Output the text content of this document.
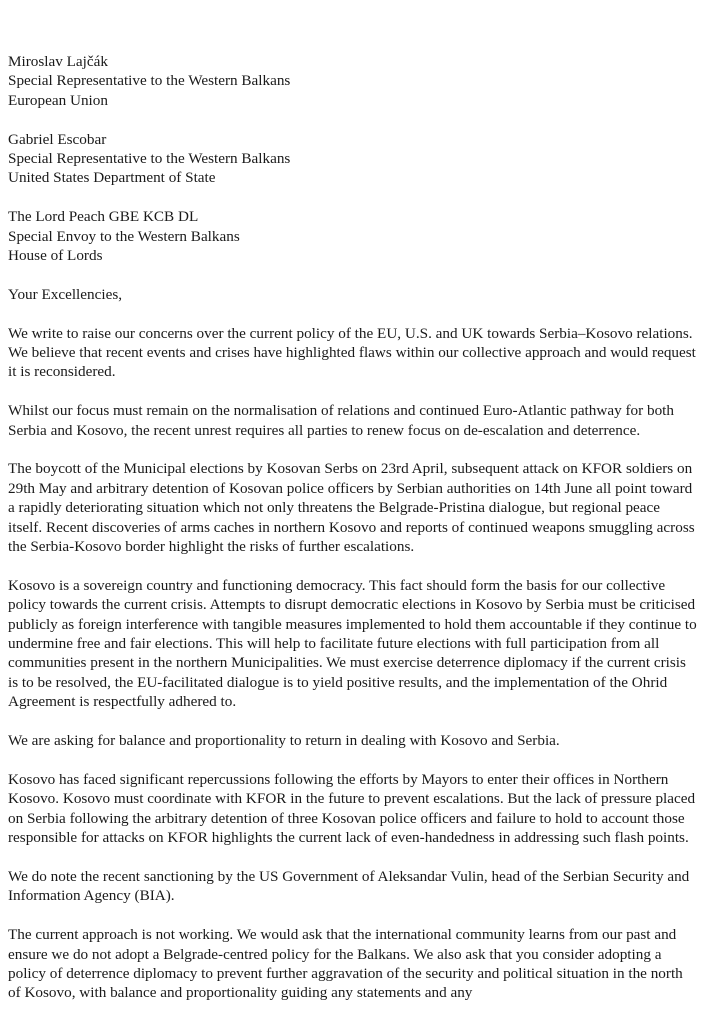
Miroslav Lajčák
Special Representative to the Western Balkans
European Union
Gabriel Escobar
Special Representative to the Western Balkans
United States Department of State
The Lord Peach GBE KCB DL
Special Envoy to the Western Balkans
House of Lords

Your Excellencies,

We write to raise our concerns over the current policy of the EU, U.S. and UK towards Serbia–Kosovo relations. We believe that recent events and crises have highlighted flaws within our collective approach and would request it is reconsidered.

Whilst our focus must remain on the normalisation of relations and continued Euro-Atlantic pathway for both Serbia and Kosovo, the recent unrest requires all parties to renew focus on de-escalation and deterrence.

The boycott of the Municipal elections by Kosovan Serbs on 23rd April, subsequent attack on KFOR soldiers on 29th May and arbitrary detention of Kosovan police officers by Serbian authorities on 14th June all point toward a rapidly deteriorating situation which not only threatens the Belgrade-Pristina dialogue, but regional peace itself. Recent discoveries of arms caches in northern Kosovo and reports of continued weapons smuggling across the Serbia-Kosovo border highlight the risks of further escalations.

Kosovo is a sovereign country and functioning democracy. This fact should form the basis for our collective policy towards the current crisis. Attempts to disrupt democratic elections in Kosovo by Serbia must be criticised publicly as foreign interference with tangible measures implemented to hold them accountable if they continue to undermine free and fair elections. This will help to facilitate future elections with full participation from all communities present in the northern Municipalities. We must exercise deterrence diplomacy if the current crisis is to be resolved, the EU-facilitated dialogue is to yield positive results, and the implementation of the Ohrid Agreement is respectfully adhered to.

We are asking for balance and proportionality to return in dealing with Kosovo and Serbia.

Kosovo has faced significant repercussions following the efforts by Mayors to enter their offices in Northern Kosovo. Kosovo must coordinate with KFOR in the future to prevent escalations. But the lack of pressure placed on Serbia following the arbitrary detention of three Kosovan police officers and failure to hold to account those responsible for attacks on KFOR highlights the current lack of even-handedness in addressing such flash points.

We do note the recent sanctioning by the US Government of Aleksandar Vulin, head of the Serbian Security and Information Agency (BIA).

The current approach is not working. We would ask that the international community learns from our past and ensure we do not adopt a Belgrade-centred policy for the Balkans. We also ask that you consider adopting a policy of deterrence diplomacy to prevent further aggravation of the security and political situation in the north of Kosovo, with balance and proportionality guiding any statements and any
